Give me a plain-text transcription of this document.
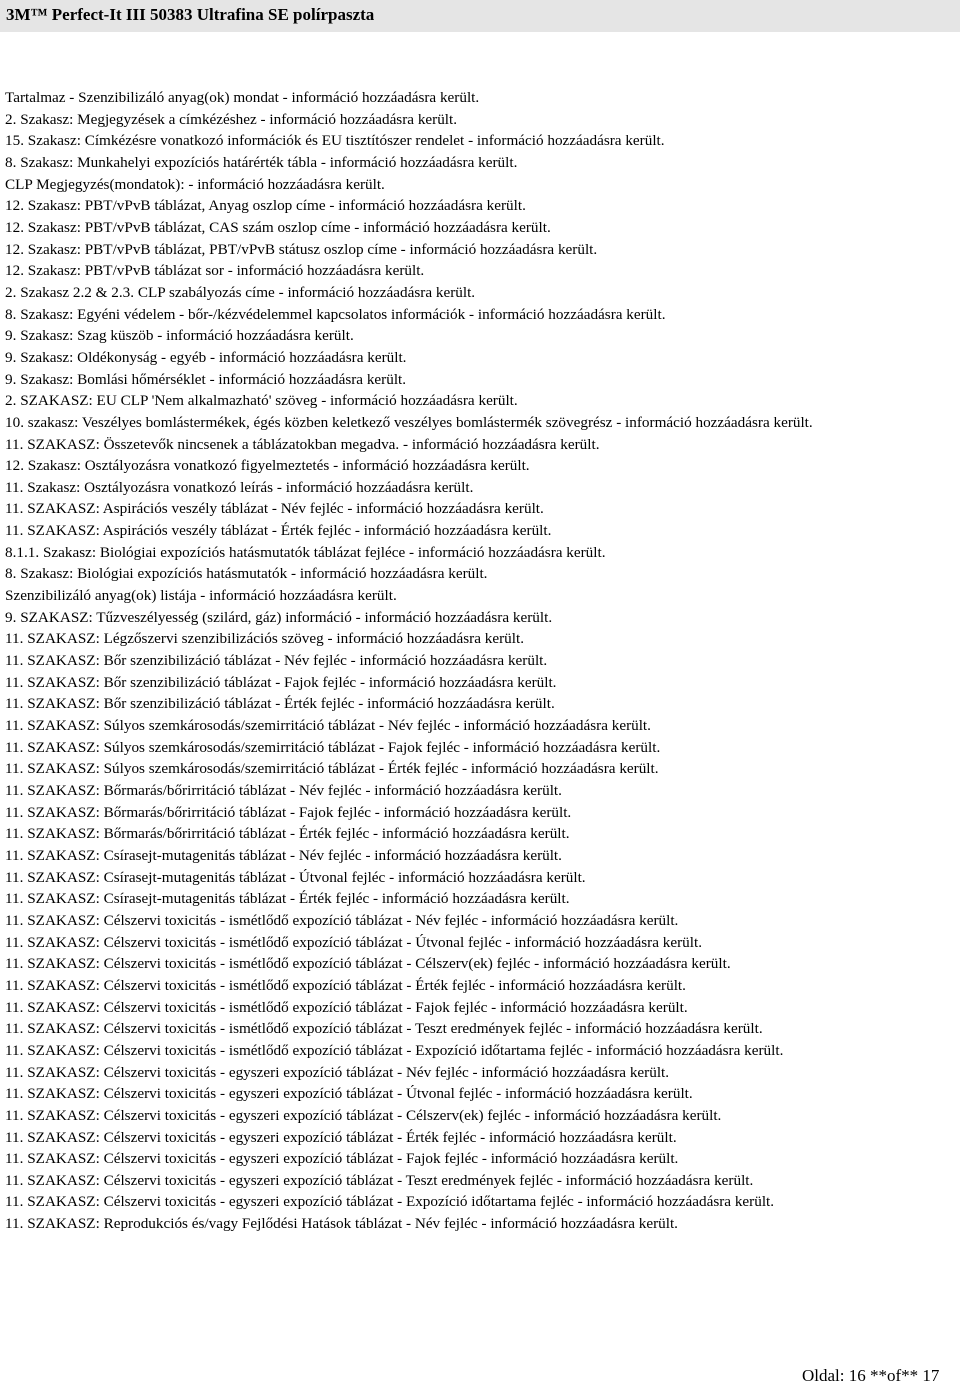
3M™ Perfect-It III 50383 Ultrafina SE polírpaszta
Tartalmaz - Szenzibilizáló anyag(ok) mondat - információ hozzáadásra került.
2. Szakasz: Megjegyzések a címkézéshez - információ hozzáadásra került.
15. Szakasz: Címkézésre vonatkozó információk és EU tisztítószer rendelet - információ hozzáadásra került.
8. Szakasz: Munkahelyi expozíciós határérték tábla - információ hozzáadásra került.
CLP Megjegyzés(mondatok): - információ hozzáadásra került.
12. Szakasz: PBT/vPvB táblázat, Anyag oszlop címe - információ hozzáadásra került.
12. Szakasz: PBT/vPvB táblázat, CAS szám oszlop címe - információ hozzáadásra került.
12. Szakasz: PBT/vPvB táblázat, PBT/vPvB státusz oszlop címe - információ hozzáadásra került.
12. Szakasz: PBT/vPvB táblázat sor - információ hozzáadásra került.
2. Szakasz 2.2 & 2.3. CLP szabályozás címe - információ hozzáadásra került.
8. Szakasz: Egyéni védelem - bőr-/kézvédelemmel kapcsolatos információk - információ hozzáadásra került.
9. Szakasz: Szag küszöb - információ hozzáadásra került.
9. Szakasz: Oldékonyság - egyéb - információ hozzáadásra került.
9. Szakasz: Bomlási hőmérséklet - információ hozzáadásra került.
2. SZAKASZ: EU CLP 'Nem alkalmazható' szöveg - információ hozzáadásra került.
10. szakasz: Veszélyes bomlástermékek, égés közben keletkező veszélyes bomlástermék szövegrész - információ hozzáadásra került.
11. SZAKASZ: Összetevők nincsenek a táblázatokban megadva. - információ hozzáadásra került.
12. Szakasz: Osztályozásra vonatkozó figyelmeztetés - információ hozzáadásra került.
11. Szakasz: Osztályozásra vonatkozó leírás - információ hozzáadásra került.
11. SZAKASZ: Aspirációs veszély táblázat - Név fejléc - információ hozzáadásra került.
11. SZAKASZ: Aspirációs veszély táblázat - Érték fejléc - információ hozzáadásra került.
8.1.1. Szakasz: Biológiai expozíciós hatásmutatók táblázat fejléce - információ hozzáadásra került.
8. Szakasz: Biológiai expozíciós hatásmutatók - információ hozzáadásra került.
Szenzibilizáló anyag(ok) listája - információ hozzáadásra került.
9. SZAKASZ: Tűzveszélyesség (szilárd, gáz) információ - információ hozzáadásra került.
11. SZAKASZ: Légzőszervi szenzibilizációs szöveg - információ hozzáadásra került.
11. SZAKASZ: Bőr szenzibilizáció táblázat - Név fejléc - információ hozzáadásra került.
11. SZAKASZ: Bőr szenzibilizáció táblázat - Fajok fejléc - információ hozzáadásra került.
11. SZAKASZ: Bőr szenzibilizáció táblázat - Érték fejléc - információ hozzáadásra került.
11. SZAKASZ: Súlyos szemkárosodás/szemirritáció táblázat - Név fejléc - információ hozzáadásra került.
11. SZAKASZ: Súlyos szemkárosodás/szemirritáció táblázat - Fajok fejléc - információ hozzáadásra került.
11. SZAKASZ: Súlyos szemkárosodás/szemirritáció táblázat - Érték fejléc - információ hozzáadásra került.
11. SZAKASZ: Bőrmarás/bőrirritáció táblázat - Név fejléc - információ hozzáadásra került.
11. SZAKASZ: Bőrmarás/bőrirritáció táblázat - Fajok fejléc - információ hozzáadásra került.
11. SZAKASZ: Bőrmarás/bőrirritáció táblázat - Érték fejléc - információ hozzáadásra került.
11. SZAKASZ: Csírasejt-mutagenitás táblázat - Név fejléc - információ hozzáadásra került.
11. SZAKASZ: Csírasejt-mutagenitás táblázat - Útvonal fejléc - információ hozzáadásra került.
11. SZAKASZ: Csírasejt-mutagenitás táblázat - Érték fejléc - információ hozzáadásra került.
11. SZAKASZ: Célszervi toxicitás - ismétlődő expozíció táblázat - Név fejléc - információ hozzáadásra került.
11. SZAKASZ: Célszervi toxicitás - ismétlődő expozíció táblázat - Útvonal fejléc - információ hozzáadásra került.
11. SZAKASZ: Célszervi toxicitás - ismétlődő expozíció táblázat - Célszerv(ek) fejléc - információ hozzáadásra került.
11. SZAKASZ: Célszervi toxicitás - ismétlődő expozíció táblázat - Érték fejléc - információ hozzáadásra került.
11. SZAKASZ: Célszervi toxicitás - ismétlődő expozíció táblázat - Fajok fejléc - információ hozzáadásra került.
11. SZAKASZ: Célszervi toxicitás - ismétlődő expozíció táblázat - Teszt eredmények fejléc - információ hozzáadásra került.
11. SZAKASZ: Célszervi toxicitás - ismétlődő expozíció táblázat - Expozíció időtartama fejléc - információ hozzáadásra került.
11. SZAKASZ: Célszervi toxicitás - egyszeri expozíció táblázat - Név fejléc - információ hozzáadásra került.
11. SZAKASZ: Célszervi toxicitás - egyszeri expozíció táblázat - Útvonal fejléc - információ hozzáadásra került.
11. SZAKASZ: Célszervi toxicitás - egyszeri expozíció táblázat - Célszerv(ek) fejléc - információ hozzáadásra került.
11. SZAKASZ: Célszervi toxicitás - egyszeri expozíció táblázat - Érték fejléc - információ hozzáadásra került.
11. SZAKASZ: Célszervi toxicitás - egyszeri expozíció táblázat - Fajok fejléc - információ hozzáadásra került.
11. SZAKASZ: Célszervi toxicitás - egyszeri expozíció táblázat - Teszt eredmények fejléc - információ hozzáadásra került.
11. SZAKASZ: Célszervi toxicitás - egyszeri expozíció táblázat - Expozíció időtartama fejléc - információ hozzáadásra került.
11. SZAKASZ: Reprodukciós és/vagy Fejlődési Hatások táblázat - Név fejléc - információ hozzáadásra került.
Oldal: 16 **of** 17
